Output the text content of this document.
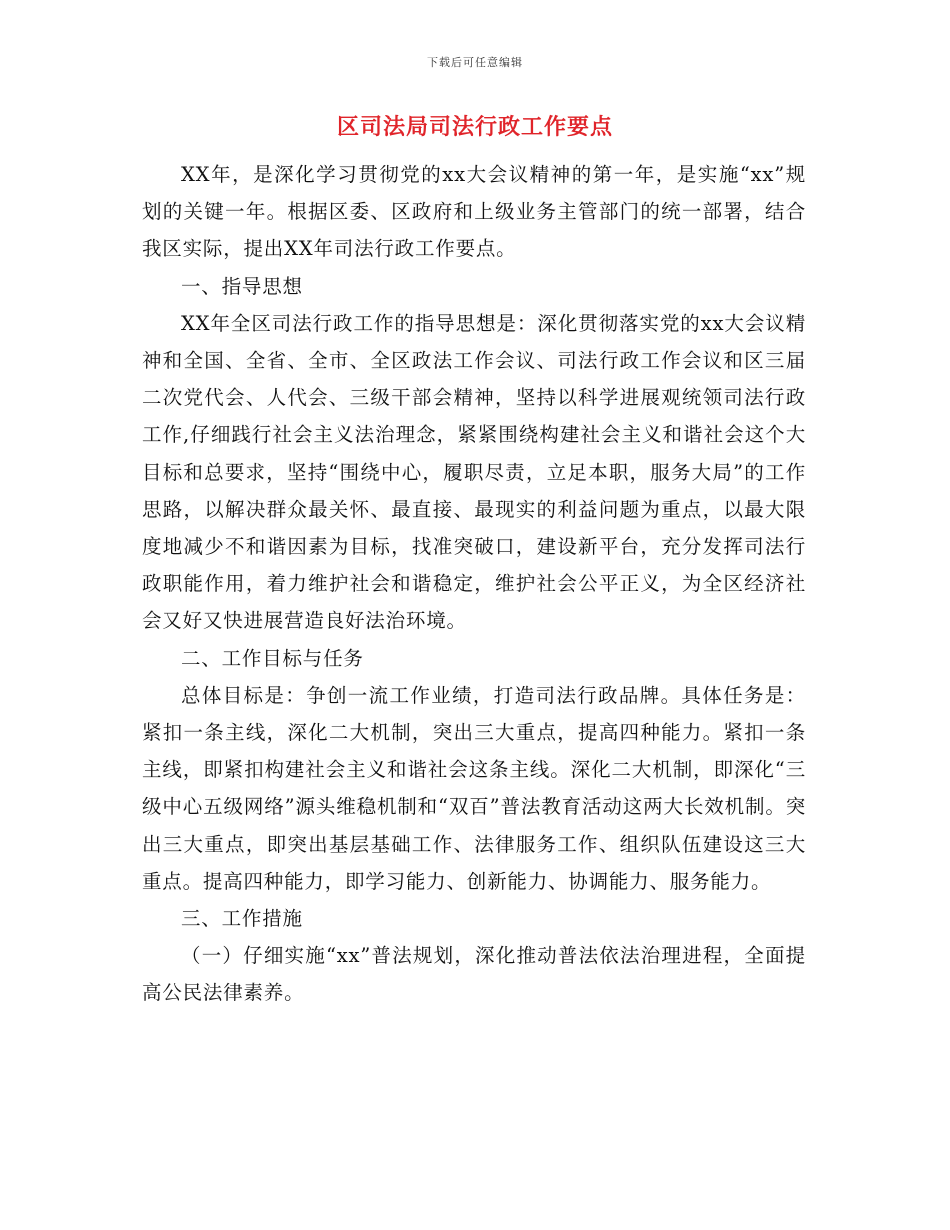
下载后可任意编辑
区司法局司法行政工作要点

XX年，是深化学习贯彻党的xx大会议精神的第一年，是实施“xx”规划的关键一年。根据区委、区政府和上级业务主管部门的统一部署，结合我区实际，提出XX年司法行政工作要点。

一、指导思想

XX年全区司法行政工作的指导思想是：深化贯彻落实党的xx大会议精神和全国、全省、全市、全区政法工作会议、司法行政工作会议和区三届二次党代会、人代会、三级干部会精神，坚持以科学进展观统领司法行政工作,仔细践行社会主义法治理念，紧紧围绕构建社会主义和谐社会这个大目标和总要求，坚持“围绕中心，履职尽责，立足本职，服务大局”的工作思路，以解决群众最关怀、最直接、最现实的利益问题为重点，以最大限度地减少不和谐因素为目标，找准突破口，建设新平台，充分发挥司法行政职能作用，着力维护社会和谐稳定，维护社会公平正义，为全区经济社会又好又快进展营造良好法治环境。

二、工作目标与任务

总体目标是：争创一流工作业绩，打造司法行政品牌。具体任务是：紧扣一条主线，深化二大机制，突出三大重点，提高四种能力。紧扣一条主线，即紧扣构建社会主义和谐社会这条主线。深化二大机制，即深化“三级中心五级网络”源头维稳机制和“双百”普法教育活动这两大长效机制。突出三大重点，即突出基层基础工作、法律服务工作、组织队伍建设这三大重点。提高四种能力，即学习能力、创新能力、协调能力、服务能力。

三、工作措施

（一）仔细实施“xx”普法规划，深化推动普法依法治理进程，全面提高公民法律素养。
